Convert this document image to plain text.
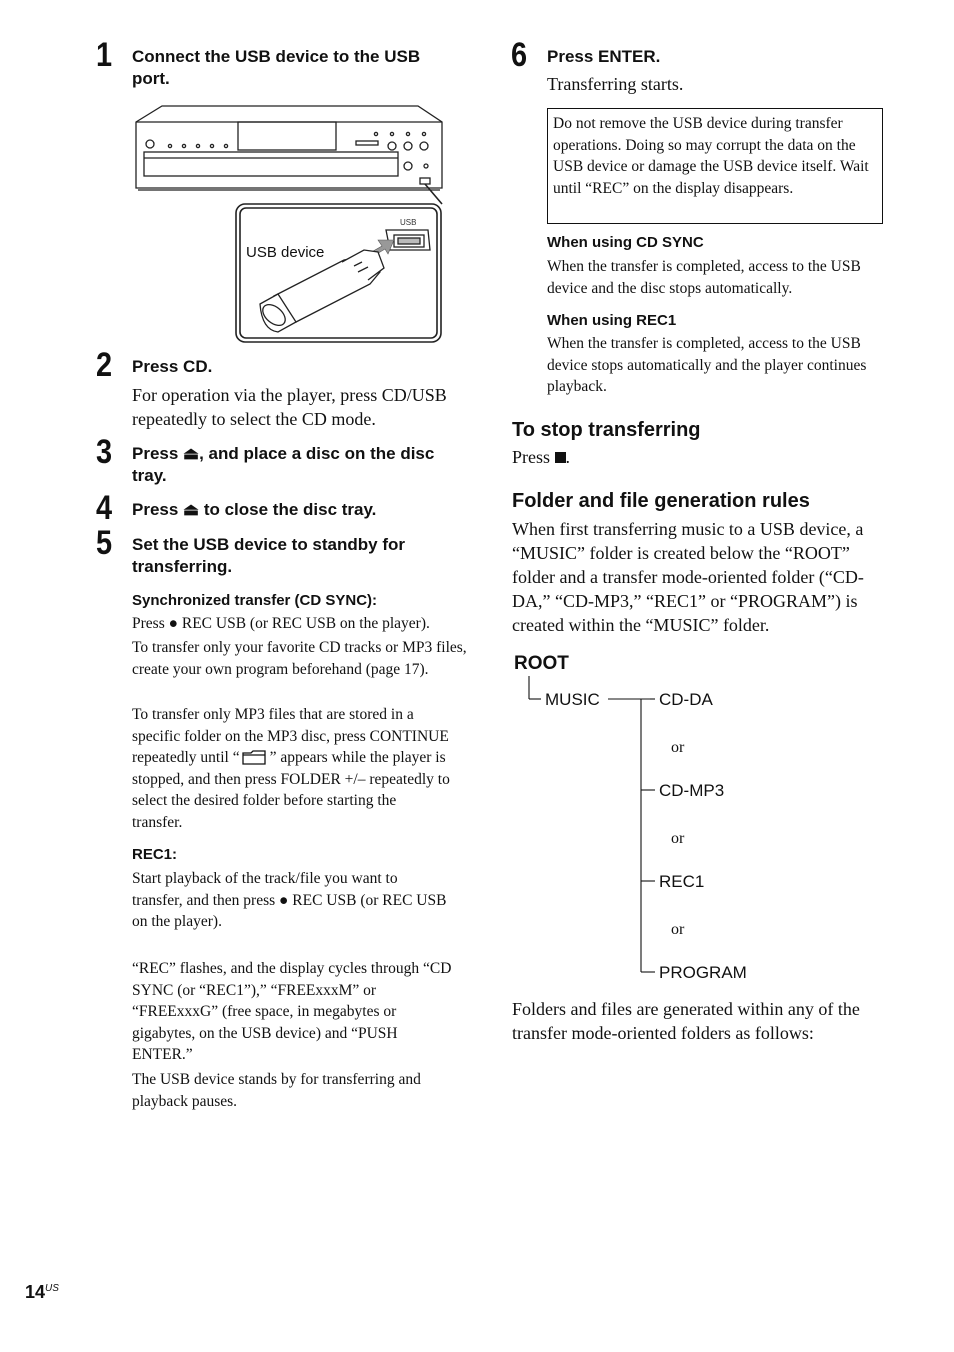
1 Connect the USB device to the USB port.
USB device
USB
2 Press CD.
For operation via the player, press CD/USB repeatedly to select the CD mode.
3 Press ⏏, and place a disc on the disc tray.
4 Press ⏏ to close the disc tray.
5 Set the USB device to standby for transferring.
Synchronized transfer (CD SYNC):
Press ● REC USB (or REC USB on the player).
To transfer only your favorite CD tracks or MP3 files, create your own program beforehand (page 17).
To transfer only MP3 files that are stored in a specific folder on the MP3 disc, press CONTINUE repeatedly until “ ” appears while the player is stopped, and then press FOLDER +/– repeatedly to select the desired folder before starting the transfer.
REC1:
Start playback of the track/file you want to transfer, and then press ● REC USB (or REC USB on the player).
“REC” flashes, and the display cycles through “CD SYNC (or “REC1”),” “FREExxxM” or “FREExxxG” (free space, in megabytes or gigabytes, on the USB device) and “PUSH ENTER.”
The USB device stands by for transferring and playback pauses.
6 Press ENTER.
Transferring starts.
Do not remove the USB device during transfer operations. Doing so may corrupt the data on the USB device or damage the USB device itself. Wait until “REC” on the display disappears.
When using CD SYNC
When the transfer is completed, access to the USB device and the disc stops automatically.
When using REC1
When the transfer is completed, access to the USB device stops automatically and the player continues playback.
To stop transferring
Press .
Folder and file generation rules
When first transferring music to a USB device, a “MUSIC” folder is created below the “ROOT” folder and a transfer mode-oriented folder (“CD-DA,” “CD-MP3,” “REC1” or “PROGRAM”) is created within the “MUSIC” folder.
ROOT
MUSIC	CD-DA
or
CD-MP3
or
REC1
or
PROGRAM
Folders and files are generated within any of the transfer mode-oriented folders as follows:
$14^{US}$
